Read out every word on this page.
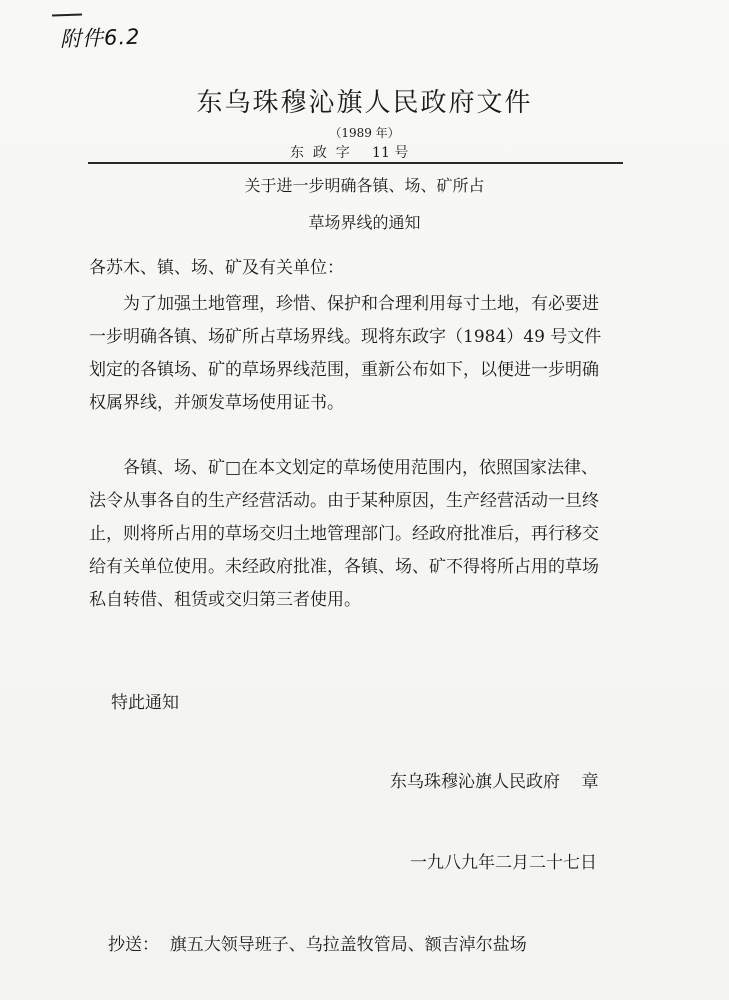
附件6.2
东乌珠穆沁旗人民政府文件
（1989 年）
东  政  字     11 号
关于进一步明确各镇、场、矿所占
草场界线的通知
各苏木、镇、场、矿及有关单位：

　　为了加强土地管理，珍惜、保护和合理利用每寸土地，有必要进
一步明确各镇、场矿所占草场界线。现将东政字（1984）49 号文件
划定的各镇场、矿的草场界线范围，重新公布如下，以便进一步明确
权属界线，并颁发草场使用证书。

　　各镇、场、矿□在本文划定的草场使用范围内，依照国家法律、
法令从事各自的生产经营活动。由于某种原因，生产经营活动一旦终
止，则将所占用的草场交归土地管理部门。经政府批准后，再行移交
给有关单位使用。未经政府批准，各镇、场、矿不得将所占用的草场
私自转借、租赁或交归第三者使用。

特此通知
东乌珠穆沁旗人民政府    章
一九八九年二月二十七日
抄送：  旗五大领导班子、乌拉盖牧管局、额吉淖尔盐场
